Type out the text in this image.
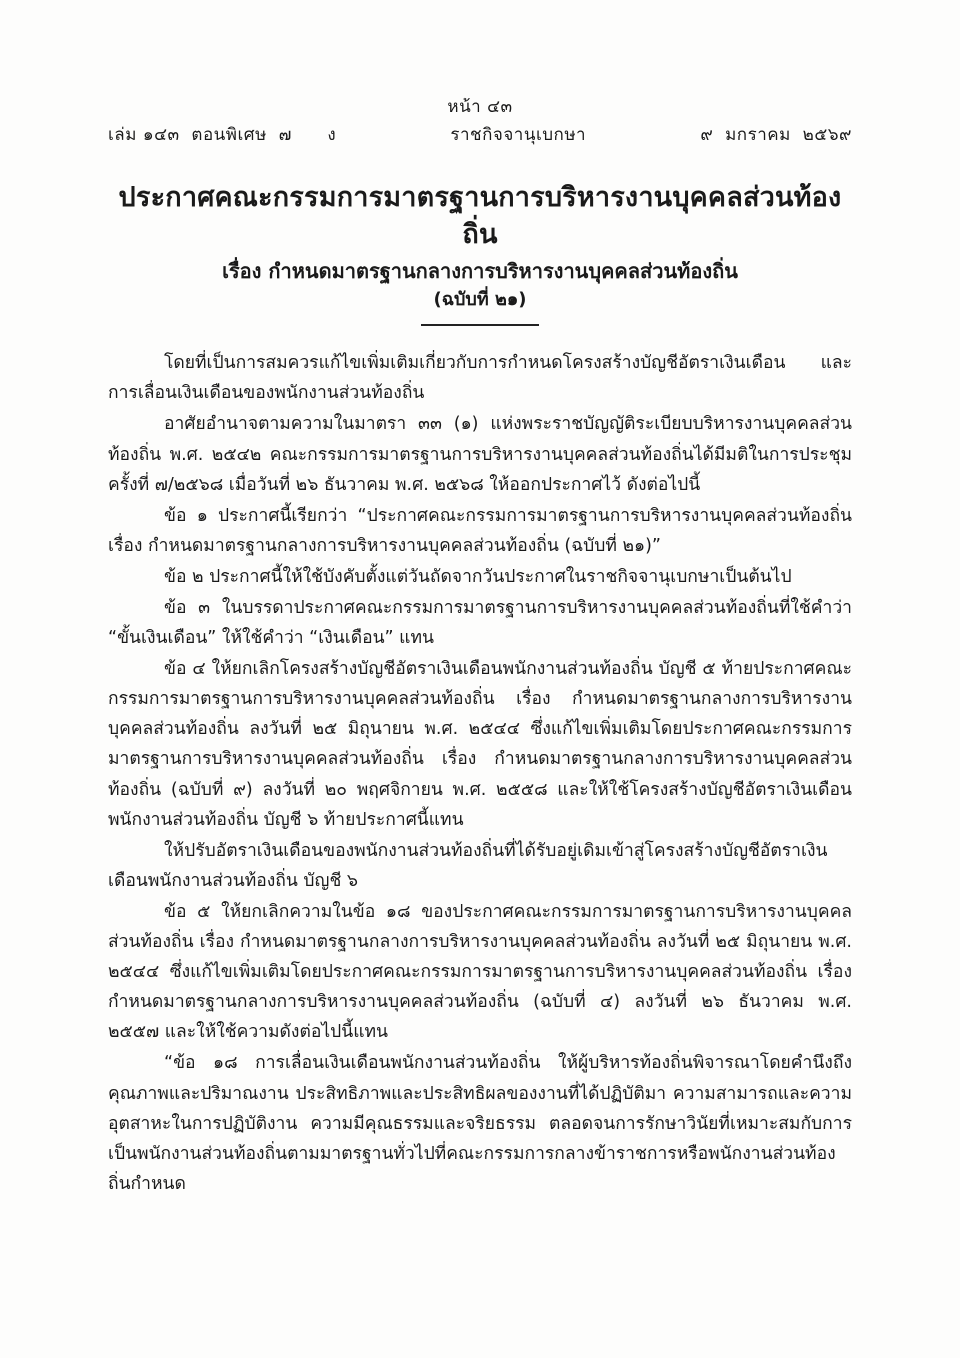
หน้า ๔๓
เล่ม ๑๔๓  ตอนพิเศษ  ๗      ง	ราชกิจจานุเบกษา	๙  มกราคม  ๒๕๖๙
ประกาศคณะกรรมการมาตรฐานการบริหารงานบุคคลส่วนท้องถิ่น
เรื่อง กำหนดมาตรฐานกลางการบริหารงานบุคคลส่วนท้องถิ่น
(ฉบับที่ ๒๑)

โดยที่เป็นการสมควรแก้ไขเพิ่มเติมเกี่ยวกับการกำหนดโครงสร้างบัญชีอัตราเงินเดือน และการเลื่อนเงินเดือนของพนักงานส่วนท้องถิ่น

อาศัยอำนาจตามความในมาตรา ๓๓ (๑) แห่งพระราชบัญญัติระเบียบบริหารงานบุคคลส่วนท้องถิ่น พ.ศ. ๒๕๔๒ คณะกรรมการมาตรฐานการบริหารงานบุคคลส่วนท้องถิ่นได้มีมติในการประชุมครั้งที่ ๗/๒๕๖๘ เมื่อวันที่ ๒๖ ธันวาคม พ.ศ. ๒๕๖๘ ให้ออกประกาศไว้ ดังต่อไปนี้

ข้อ ๑ ประกาศนี้เรียกว่า “ประกาศคณะกรรมการมาตรฐานการบริหารงานบุคคลส่วนท้องถิ่น เรื่อง กำหนดมาตรฐานกลางการบริหารงานบุคคลส่วนท้องถิ่น (ฉบับที่ ๒๑)”

ข้อ ๒ ประกาศนี้ให้ใช้บังคับตั้งแต่วันถัดจากวันประกาศในราชกิจจานุเบกษาเป็นต้นไป

ข้อ ๓ ในบรรดาประกาศคณะกรรมการมาตรฐานการบริหารงานบุคคลส่วนท้องถิ่นที่ใช้คำว่า “ขั้นเงินเดือน” ให้ใช้คำว่า “เงินเดือน” แทน

ข้อ ๔ ให้ยกเลิกโครงสร้างบัญชีอัตราเงินเดือนพนักงานส่วนท้องถิ่น บัญชี ๕ ท้ายประกาศคณะกรรมการมาตรฐานการบริหารงานบุคคลส่วนท้องถิ่น เรื่อง กำหนดมาตรฐานกลางการบริหารงานบุคคลส่วนท้องถิ่น ลงวันที่ ๒๕ มิถุนายน พ.ศ. ๒๕๔๔ ซึ่งแก้ไขเพิ่มเติมโดยประกาศคณะกรรมการมาตรฐานการบริหารงานบุคคลส่วนท้องถิ่น เรื่อง กำหนดมาตรฐานกลางการบริหารงานบุคคลส่วนท้องถิ่น (ฉบับที่ ๙) ลงวันที่ ๒๐ พฤศจิกายน พ.ศ. ๒๕๕๘ และให้ใช้โครงสร้างบัญชีอัตราเงินเดือนพนักงานส่วนท้องถิ่น บัญชี ๖ ท้ายประกาศนี้แทน

ให้ปรับอัตราเงินเดือนของพนักงานส่วนท้องถิ่นที่ได้รับอยู่เดิมเข้าสู่โครงสร้างบัญชีอัตราเงินเดือนพนักงานส่วนท้องถิ่น บัญชี ๖

ข้อ ๕ ให้ยกเลิกความในข้อ ๑๘ ของประกาศคณะกรรมการมาตรฐานการบริหารงานบุคคลส่วนท้องถิ่น เรื่อง กำหนดมาตรฐานกลางการบริหารงานบุคคลส่วนท้องถิ่น ลงวันที่ ๒๕ มิถุนายน พ.ศ. ๒๕๔๔ ซึ่งแก้ไขเพิ่มเติมโดยประกาศคณะกรรมการมาตรฐานการบริหารงานบุคคลส่วนท้องถิ่น เรื่อง กำหนดมาตรฐานกลางการบริหารงานบุคคลส่วนท้องถิ่น (ฉบับที่ ๔) ลงวันที่ ๒๖ ธันวาคม พ.ศ. ๒๕๕๗ และให้ใช้ความดังต่อไปนี้แทน

“ข้อ ๑๘ การเลื่อนเงินเดือนพนักงานส่วนท้องถิ่น ให้ผู้บริหารท้องถิ่นพิจารณาโดยคำนึงถึงคุณภาพและปริมาณงาน ประสิทธิภาพและประสิทธิผลของงานที่ได้ปฏิบัติมา ความสามารถและความอุตสาหะในการปฏิบัติงาน ความมีคุณธรรมและจริยธรรม ตลอดจนการรักษาวินัยที่เหมาะสมกับการเป็นพนักงานส่วนท้องถิ่นตามมาตรฐานทั่วไปที่คณะกรรมการกลางข้าราชการหรือพนักงานส่วนท้องถิ่นกำหนด
